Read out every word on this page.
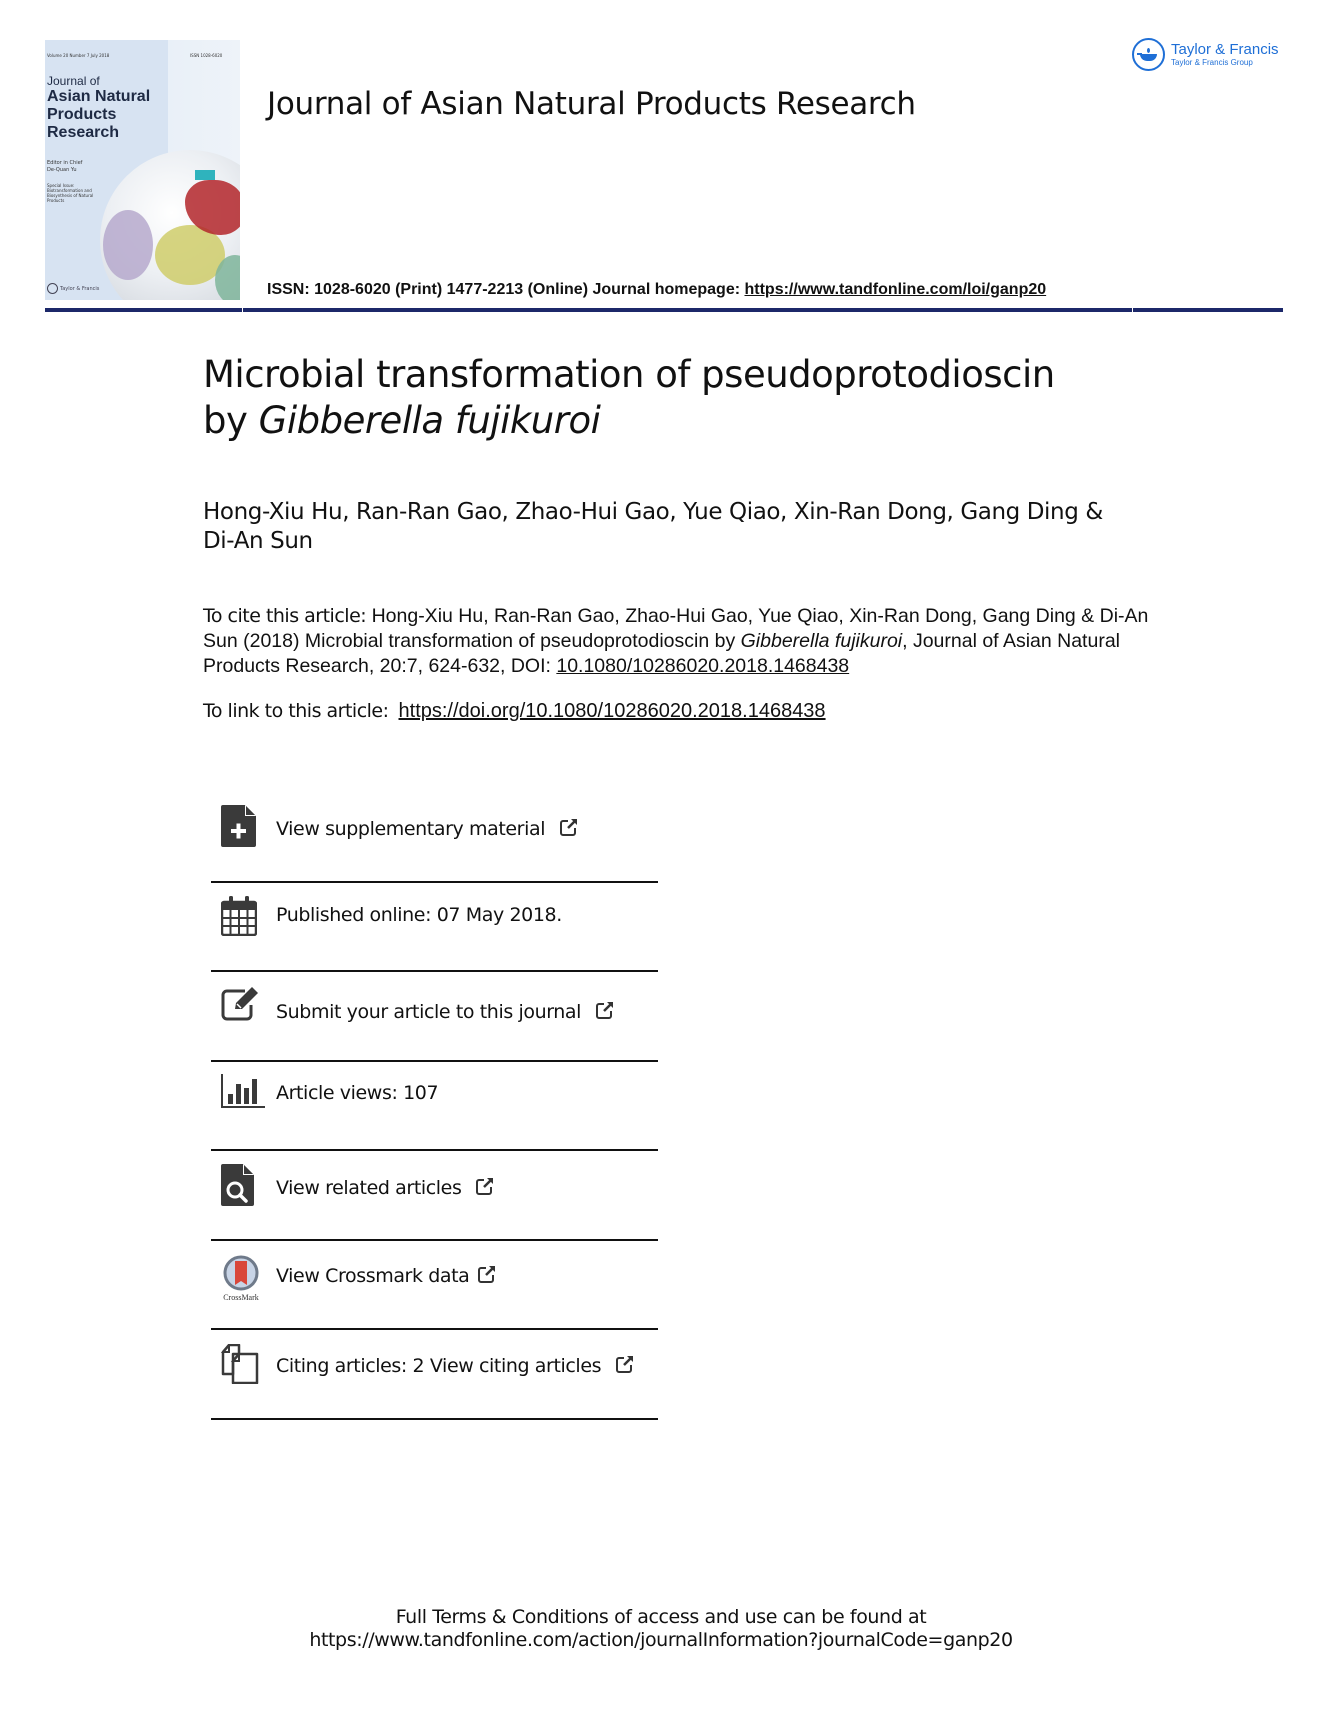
Volume 20 Number 7 July 2018	ISSN 1028-6020
Journal of
Asian Natural Products Research
Editor in Chief
De-Quan Yu
Special Issue: Biotransformation and Biosynthesis of Natural Products
Taylor & Francis
Journal of Asian Natural Products Research
Taylor & Francis
Taylor & Francis Group
ISSN: 1028-6020 (Print) 1477-2213 (Online) Journal homepage: https://www.tandfonline.com/loi/ganp20
Microbial transformation of pseudoprotodioscin
by Gibberella fujikuroi
Hong-Xiu Hu, Ran-Ran Gao, Zhao-Hui Gao, Yue Qiao, Xin-Ran Dong, Gang Ding & Di-An Sun
To cite this article: Hong-Xiu Hu, Ran-Ran Gao, Zhao-Hui Gao, Yue Qiao, Xin-Ran Dong, Gang Ding & Di-An Sun (2018) Microbial transformation of pseudoprotodioscin by Gibberella fujikuroi, Journal of Asian Natural Products Research, 20:7, 624-632, DOI: 10.1080/10286020.2018.1468438
To link to this article: https://doi.org/10.1080/10286020.2018.1468438
View supplementary material
Published online: 07 May 2018.
Submit your article to this journal
Article views: 107
View related articles
CrossMark
View Crossmark data
Citing articles: 2 View citing articles
Full Terms & Conditions of access and use can be found at
https://www.tandfonline.com/action/journalInformation?journalCode=ganp20
